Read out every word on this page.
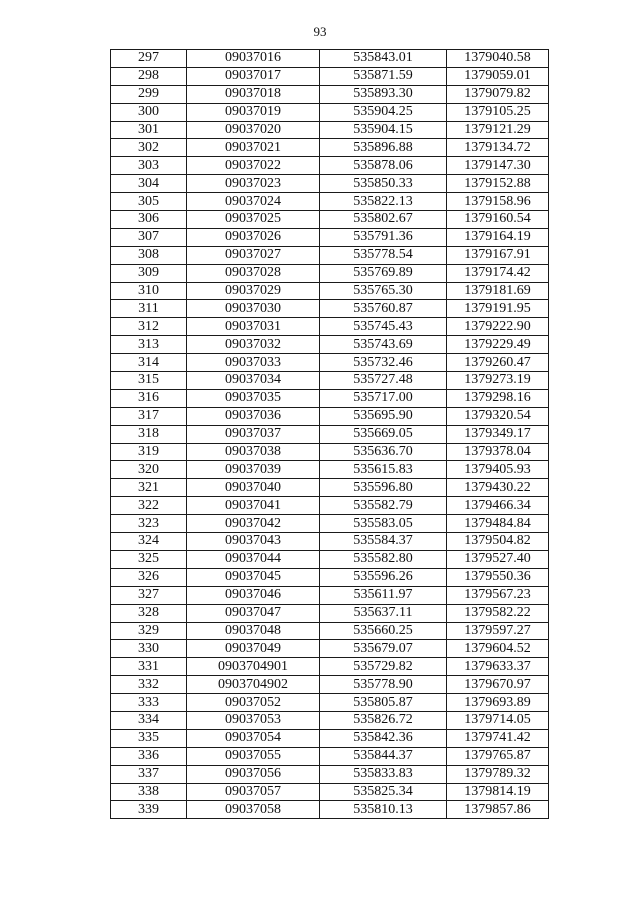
93
297	09037016	535843.01	1379040.58
298	09037017	535871.59	1379059.01
299	09037018	535893.30	1379079.82
300	09037019	535904.25	1379105.25
301	09037020	535904.15	1379121.29
302	09037021	535896.88	1379134.72
303	09037022	535878.06	1379147.30
304	09037023	535850.33	1379152.88
305	09037024	535822.13	1379158.96
306	09037025	535802.67	1379160.54
307	09037026	535791.36	1379164.19
308	09037027	535778.54	1379167.91
309	09037028	535769.89	1379174.42
310	09037029	535765.30	1379181.69
311	09037030	535760.87	1379191.95
312	09037031	535745.43	1379222.90
313	09037032	535743.69	1379229.49
314	09037033	535732.46	1379260.47
315	09037034	535727.48	1379273.19
316	09037035	535717.00	1379298.16
317	09037036	535695.90	1379320.54
318	09037037	535669.05	1379349.17
319	09037038	535636.70	1379378.04
320	09037039	535615.83	1379405.93
321	09037040	535596.80	1379430.22
322	09037041	535582.79	1379466.34
323	09037042	535583.05	1379484.84
324	09037043	535584.37	1379504.82
325	09037044	535582.80	1379527.40
326	09037045	535596.26	1379550.36
327	09037046	535611.97	1379567.23
328	09037047	535637.11	1379582.22
329	09037048	535660.25	1379597.27
330	09037049	535679.07	1379604.52
331	0903704901	535729.82	1379633.37
332	0903704902	535778.90	1379670.97
333	09037052	535805.87	1379693.89
334	09037053	535826.72	1379714.05
335	09037054	535842.36	1379741.42
336	09037055	535844.37	1379765.87
337	09037056	535833.83	1379789.32
338	09037057	535825.34	1379814.19
339	09037058	535810.13	1379857.86
